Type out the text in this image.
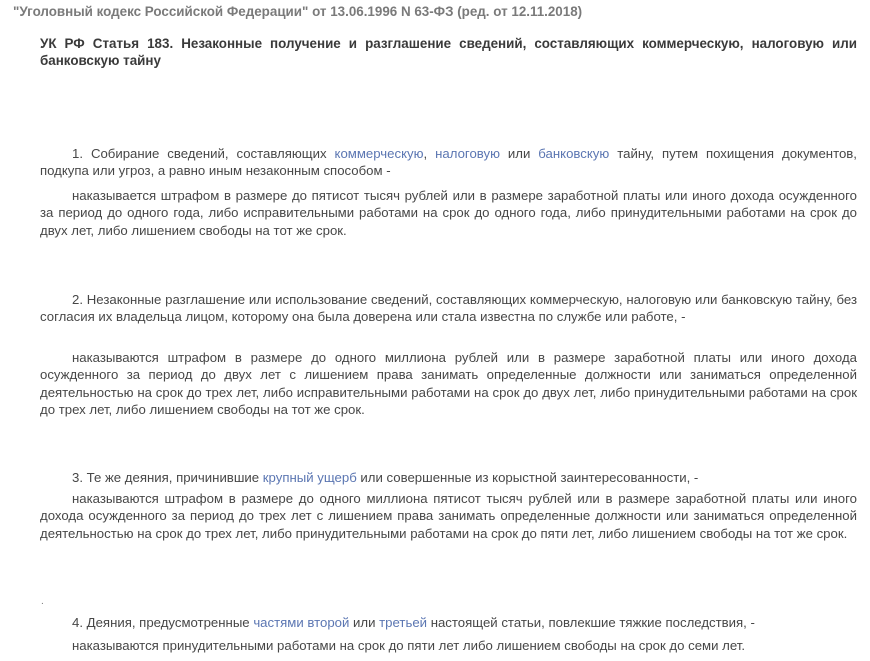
"Уголовный кодекс Российской Федерации" от 13.06.1996 N 63-ФЗ (ред. от 12.11.2018)
УК РФ Статья 183. Незаконные получение и разглашение сведений, составляющих коммерческую, налоговую или банковскую тайну
1. Собирание сведений, составляющих коммерческую, налоговую или банковскую тайну, путем похищения документов, подкупа или угроз, а равно иным незаконным способом -
наказывается штрафом в размере до пятисот тысяч рублей или в размере заработной платы или иного дохода осужденного за период до одного года, либо исправительными работами на срок до одного года, либо принудительными работами на срок до двух лет, либо лишением свободы на тот же срок.
2. Незаконные разглашение или использование сведений, составляющих коммерческую, налоговую или банковскую тайну, без согласия их владельца лицом, которому она была доверена или стала известна по службе или работе, -
наказываются штрафом в размере до одного миллиона рублей или в размере заработной платы или иного дохода осужденного за период до двух лет с лишением права занимать определенные должности или заниматься определенной деятельностью на срок до трех лет, либо исправительными работами на срок до двух лет, либо принудительными работами на срок до трех лет, либо лишением свободы на тот же срок.
3. Те же деяния, причинившие крупный ущерб или совершенные из корыстной заинтересованности, -
наказываются штрафом в размере до одного миллиона пятисот тысяч рублей или в размере заработной платы или иного дохода осужденного за период до трех лет с лишением права занимать определенные должности или заниматься определенной деятельностью на срок до трех лет, либо принудительными работами на срок до пяти лет, либо лишением свободы на тот же срок.
.
4. Деяния, предусмотренные частями второй или третьей настоящей статьи, повлекшие тяжкие последствия, -
наказываются принудительными работами на срок до пяти лет либо лишением свободы на срок до семи лет.
